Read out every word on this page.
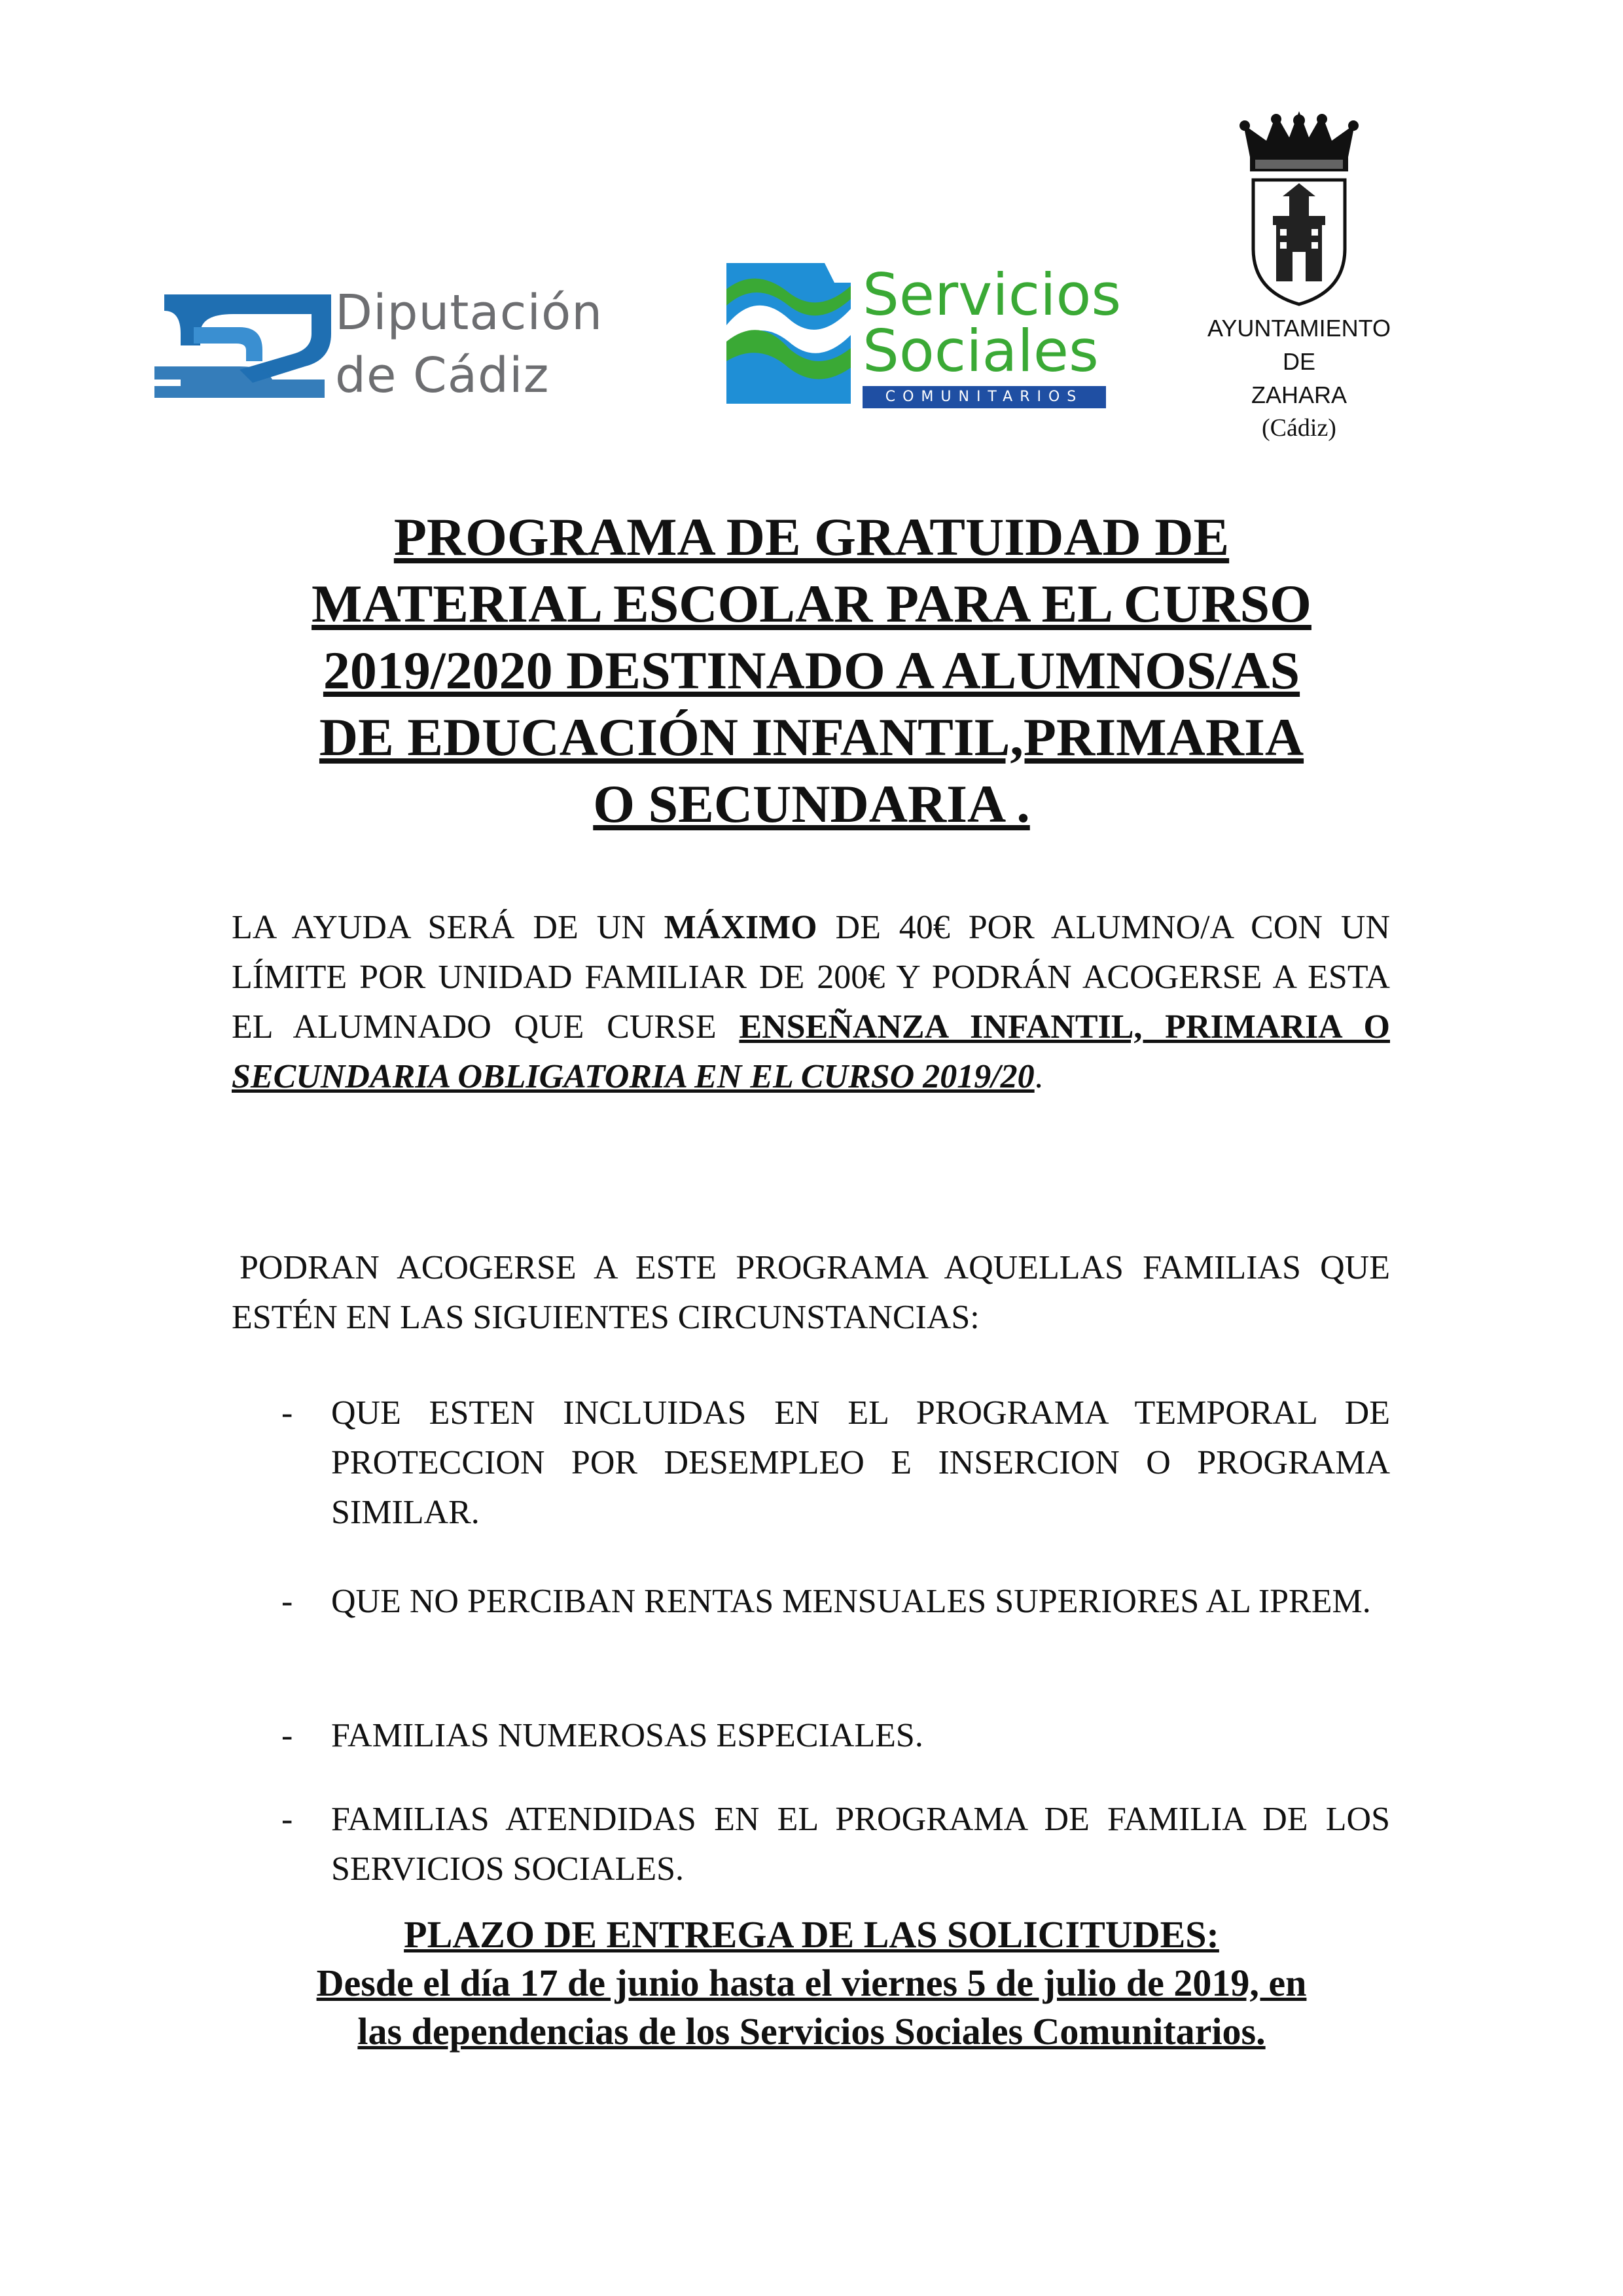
Diputación
de Cádiz
Servicios
Sociales
COMUNITARIOS
AYUNTAMIENTO
DE
ZAHARA
(Cádiz)
PROGRAMA DE GRATUIDAD DE
MATERIAL ESCOLAR PARA EL CURSO
2019/2020 DESTINADO A ALUMNOS/AS
DE EDUCACIÓN INFANTIL,PRIMARIA
O SECUNDARIA .
LA AYUDA SERÁ DE UN MÁXIMO DE 40€ POR ALUMNO/A CON UN LÍMITE POR UNIDAD FAMILIAR DE 200€ Y PODRÁN ACOGERSE A ESTA EL ALUMNADO QUE CURSE ENSEÑANZA INFANTIL, PRIMARIA O SECUNDARIA OBLIGATORIA EN EL CURSO 2019/20.
PODRAN ACOGERSE A ESTE PROGRAMA AQUELLAS FAMILIAS QUE ESTÉN EN LAS SIGUIENTES CIRCUNSTANCIAS:
- QUE ESTEN INCLUIDAS EN EL PROGRAMA TEMPORAL DE PROTECCION POR DESEMPLEO E INSERCION O PROGRAMA SIMILAR.
- QUE NO PERCIBAN RENTAS MENSUALES SUPERIORES AL IPREM.
- FAMILIAS NUMEROSAS ESPECIALES.
- FAMILIAS ATENDIDAS EN EL PROGRAMA DE FAMILIA DE LOS SERVICIOS SOCIALES.
PLAZO DE ENTREGA DE LAS SOLICITUDES:
Desde el día 17 de junio hasta el viernes 5 de julio de 2019, en
las dependencias de los Servicios Sociales Comunitarios.
